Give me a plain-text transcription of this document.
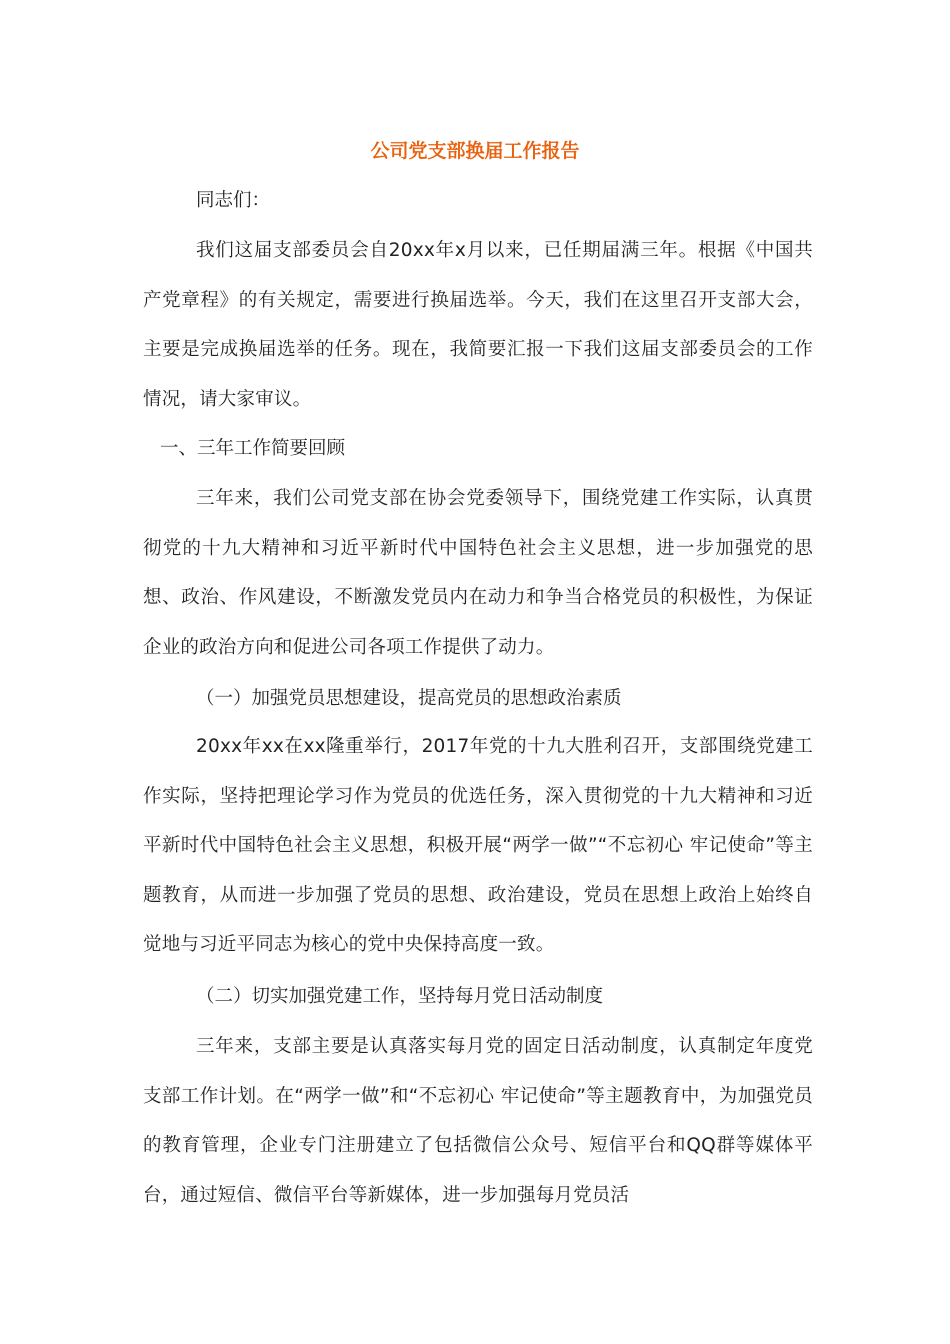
公司党支部换届工作报告
同志们：
我们这届支部委员会自20xx年x月以来，已任期届满三年。根据《中国共产党章程》的有关规定，需要进行换届选举。今天，我们在这里召开支部大会，主要是完成换届选举的任务。现在，我简要汇报一下我们这届支部委员会的工作情况，请大家审议。
一、三年工作简要回顾
三年来，我们公司党支部在协会党委领导下，围绕党建工作实际，认真贯彻党的十九大精神和习近平新时代中国特色社会主义思想，进一步加强党的思想、政治、作风建设，不断激发党员内在动力和争当合格党员的积极性，为保证企业的政治方向和促进公司各项工作提供了动力。
（一）加强党员思想建设，提高党员的思想政治素质
20xx年xx在xx隆重举行，2017年党的十九大胜利召开，支部围绕党建工作实际，坚持把理论学习作为党员的优选任务，深入贯彻党的十九大精神和习近平新时代中国特色社会主义思想，积极开展“两学一做”“不忘初心 牢记使命”等主题教育，从而进一步加强了党员的思想、政治建设，党员在思想上政治上始终自觉地与习近平同志为核心的党中央保持高度一致。
（二）切实加强党建工作，坚持每月党日活动制度
三年来，支部主要是认真落实每月党的固定日活动制度，认真制定年度党支部工作计划。在“两学一做”和“不忘初心 牢记使命”等主题教育中，为加强党员的教育管理，企业专门注册建立了包括微信公众号、短信平台和QQ群等媒体平台，通过短信、微信平台等新媒体，进一步加强每月党员活
